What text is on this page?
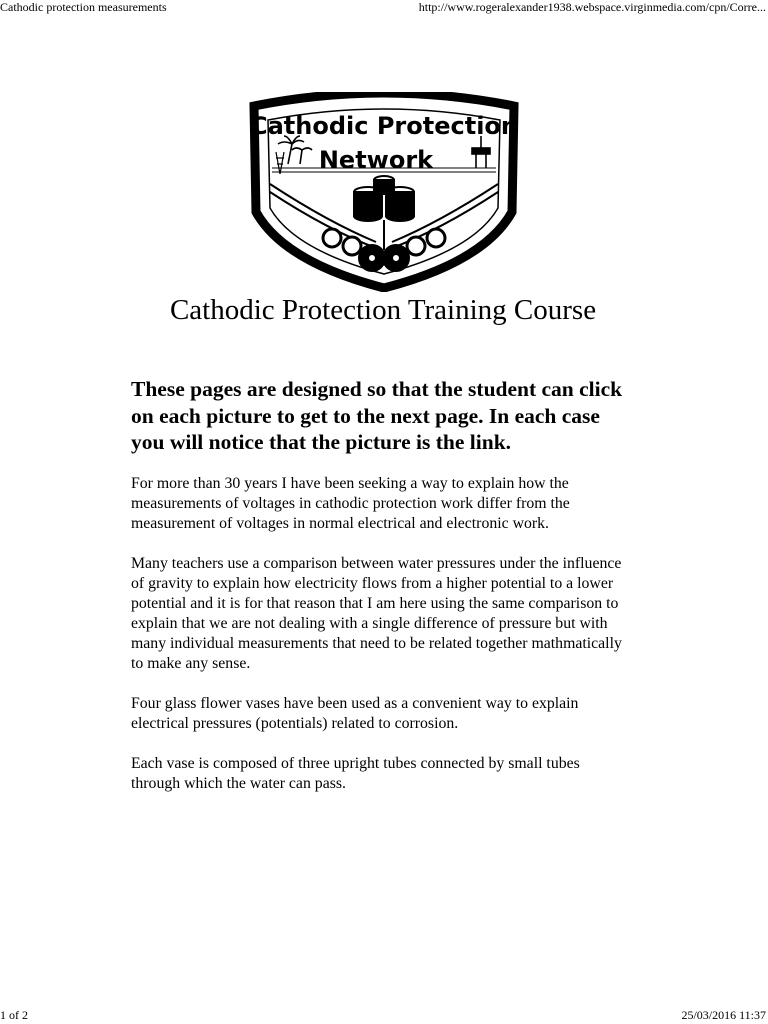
Cathodic protection measurements	http://www.rogeralexander1938.webspace.virginmedia.com/cpn/Corre...
Cathodic Protection
Network
Cathodic Protection Training Course

These pages are designed so that the student can click on each picture to get to the next page. In each case you will notice that the picture is the link.

For more than 30 years I have been seeking a way to explain how the measurements of voltages in cathodic protection work differ from the measurement of voltages in normal electrical and electronic work.

Many teachers use a comparison between water pressures under the influence of gravity to explain how electricity flows from a higher potential to a lower potential and it is for that reason that I am here using the same comparison to explain that we are not dealing with a single difference of pressure but with many individual measurements that need to be related together mathmatically to make any sense.

Four glass flower vases have been used as a convenient way to explain electrical pressures (potentials) related to corrosion.

Each vase is composed of three upright tubes connected by small tubes through which the water can pass.

1 of 2	25/03/2016 11:37
